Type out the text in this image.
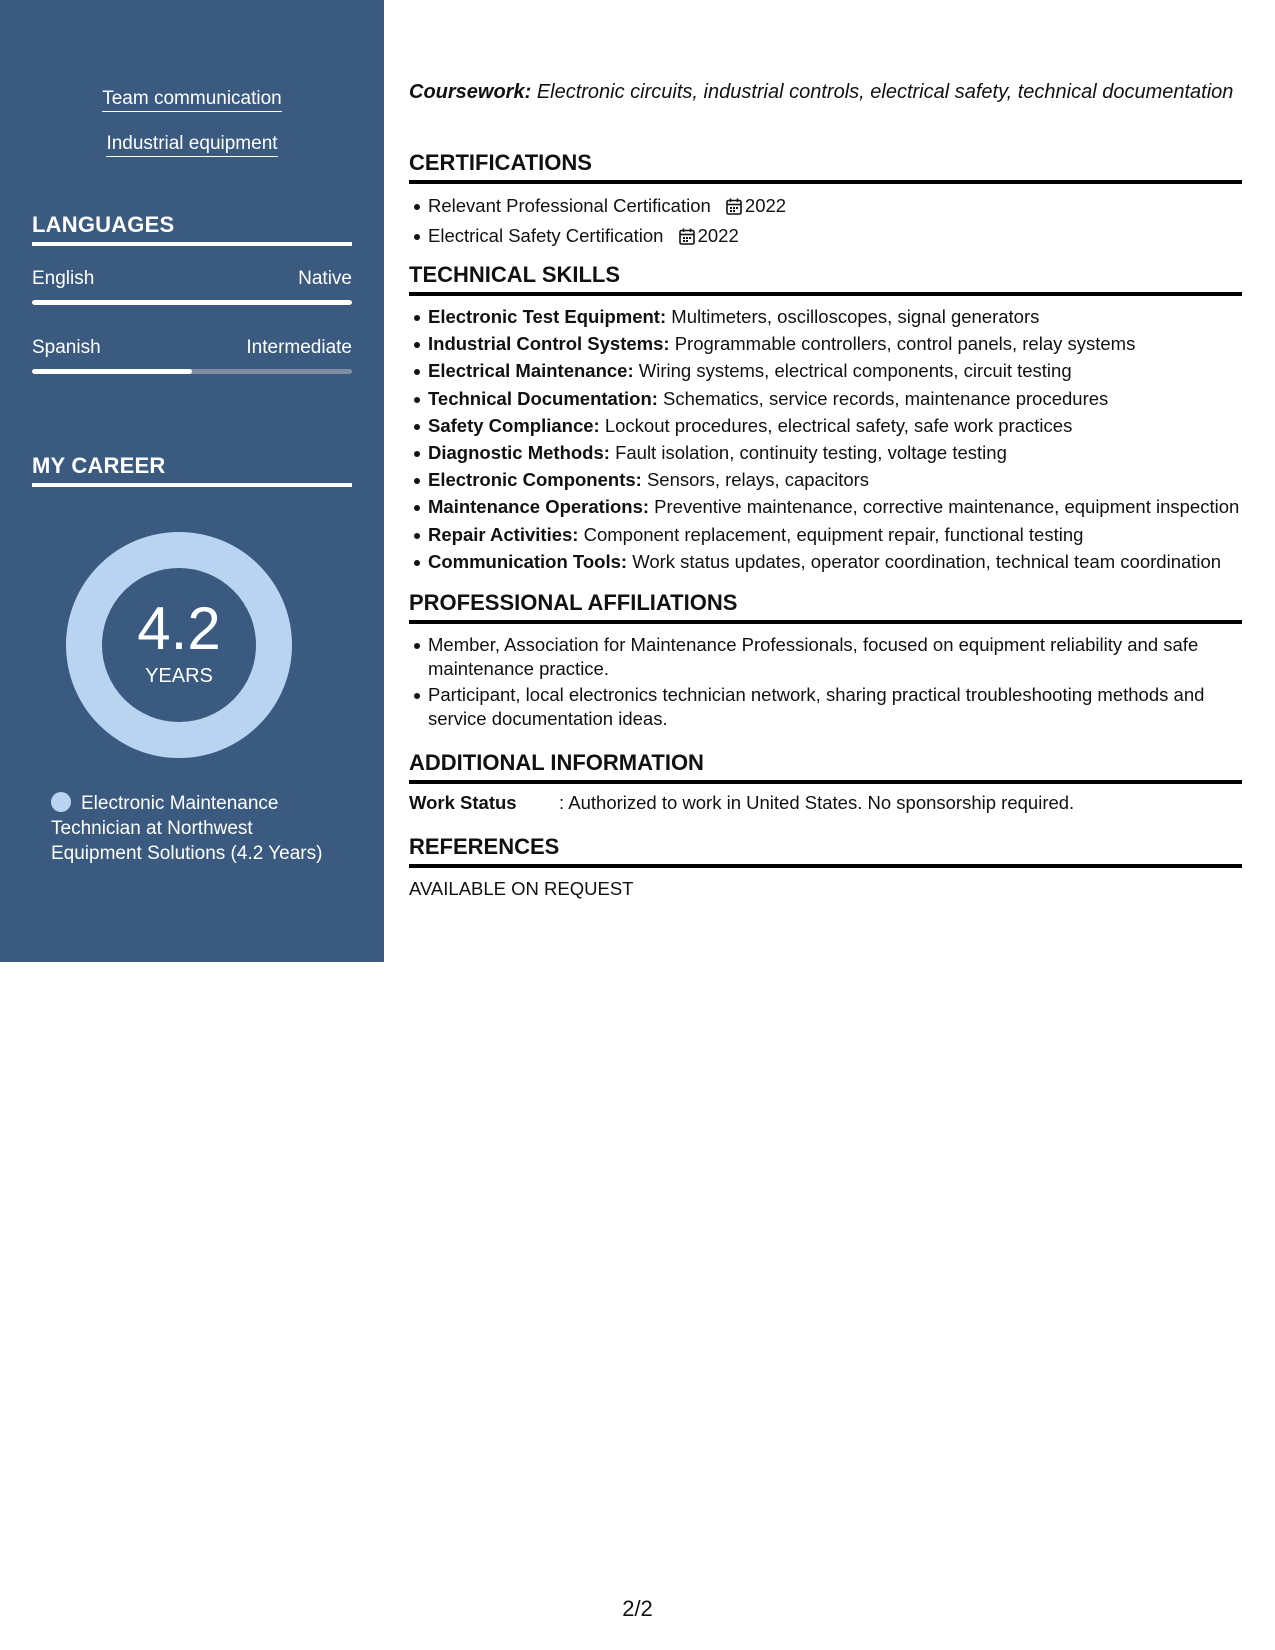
Team communication
Industrial equipment
LANGUAGES
English	Native
Spanish	Intermediate
MY CAREER
4.2
YEARS
Electronic Maintenance Technician at Northwest Equipment Solutions (4.2 Years)
Coursework: Electronic circuits, industrial controls, electrical safety, technical documentation
CERTIFICATIONS
Relevant Professional Certification 2022
Electrical Safety Certification 2022
TECHNICAL SKILLS
Electronic Test Equipment: Multimeters, oscilloscopes, signal generators
Industrial Control Systems: Programmable controllers, control panels, relay systems
Electrical Maintenance: Wiring systems, electrical components, circuit testing
Technical Documentation: Schematics, service records, maintenance procedures
Safety Compliance: Lockout procedures, electrical safety, safe work practices
Diagnostic Methods: Fault isolation, continuity testing, voltage testing
Electronic Components: Sensors, relays, capacitors
Maintenance Operations: Preventive maintenance, corrective maintenance, equipment inspection
Repair Activities: Component replacement, equipment repair, functional testing
Communication Tools: Work status updates, operator coordination, technical team coordination
PROFESSIONAL AFFILIATIONS
Member, Association for Maintenance Professionals, focused on equipment reliability and safe maintenance practice.
Participant, local electronics technician network, sharing practical troubleshooting methods and service documentation ideas.
ADDITIONAL INFORMATION
Work Status : Authorized to work in United States. No sponsorship required.
REFERENCES
AVAILABLE ON REQUEST
2/2
